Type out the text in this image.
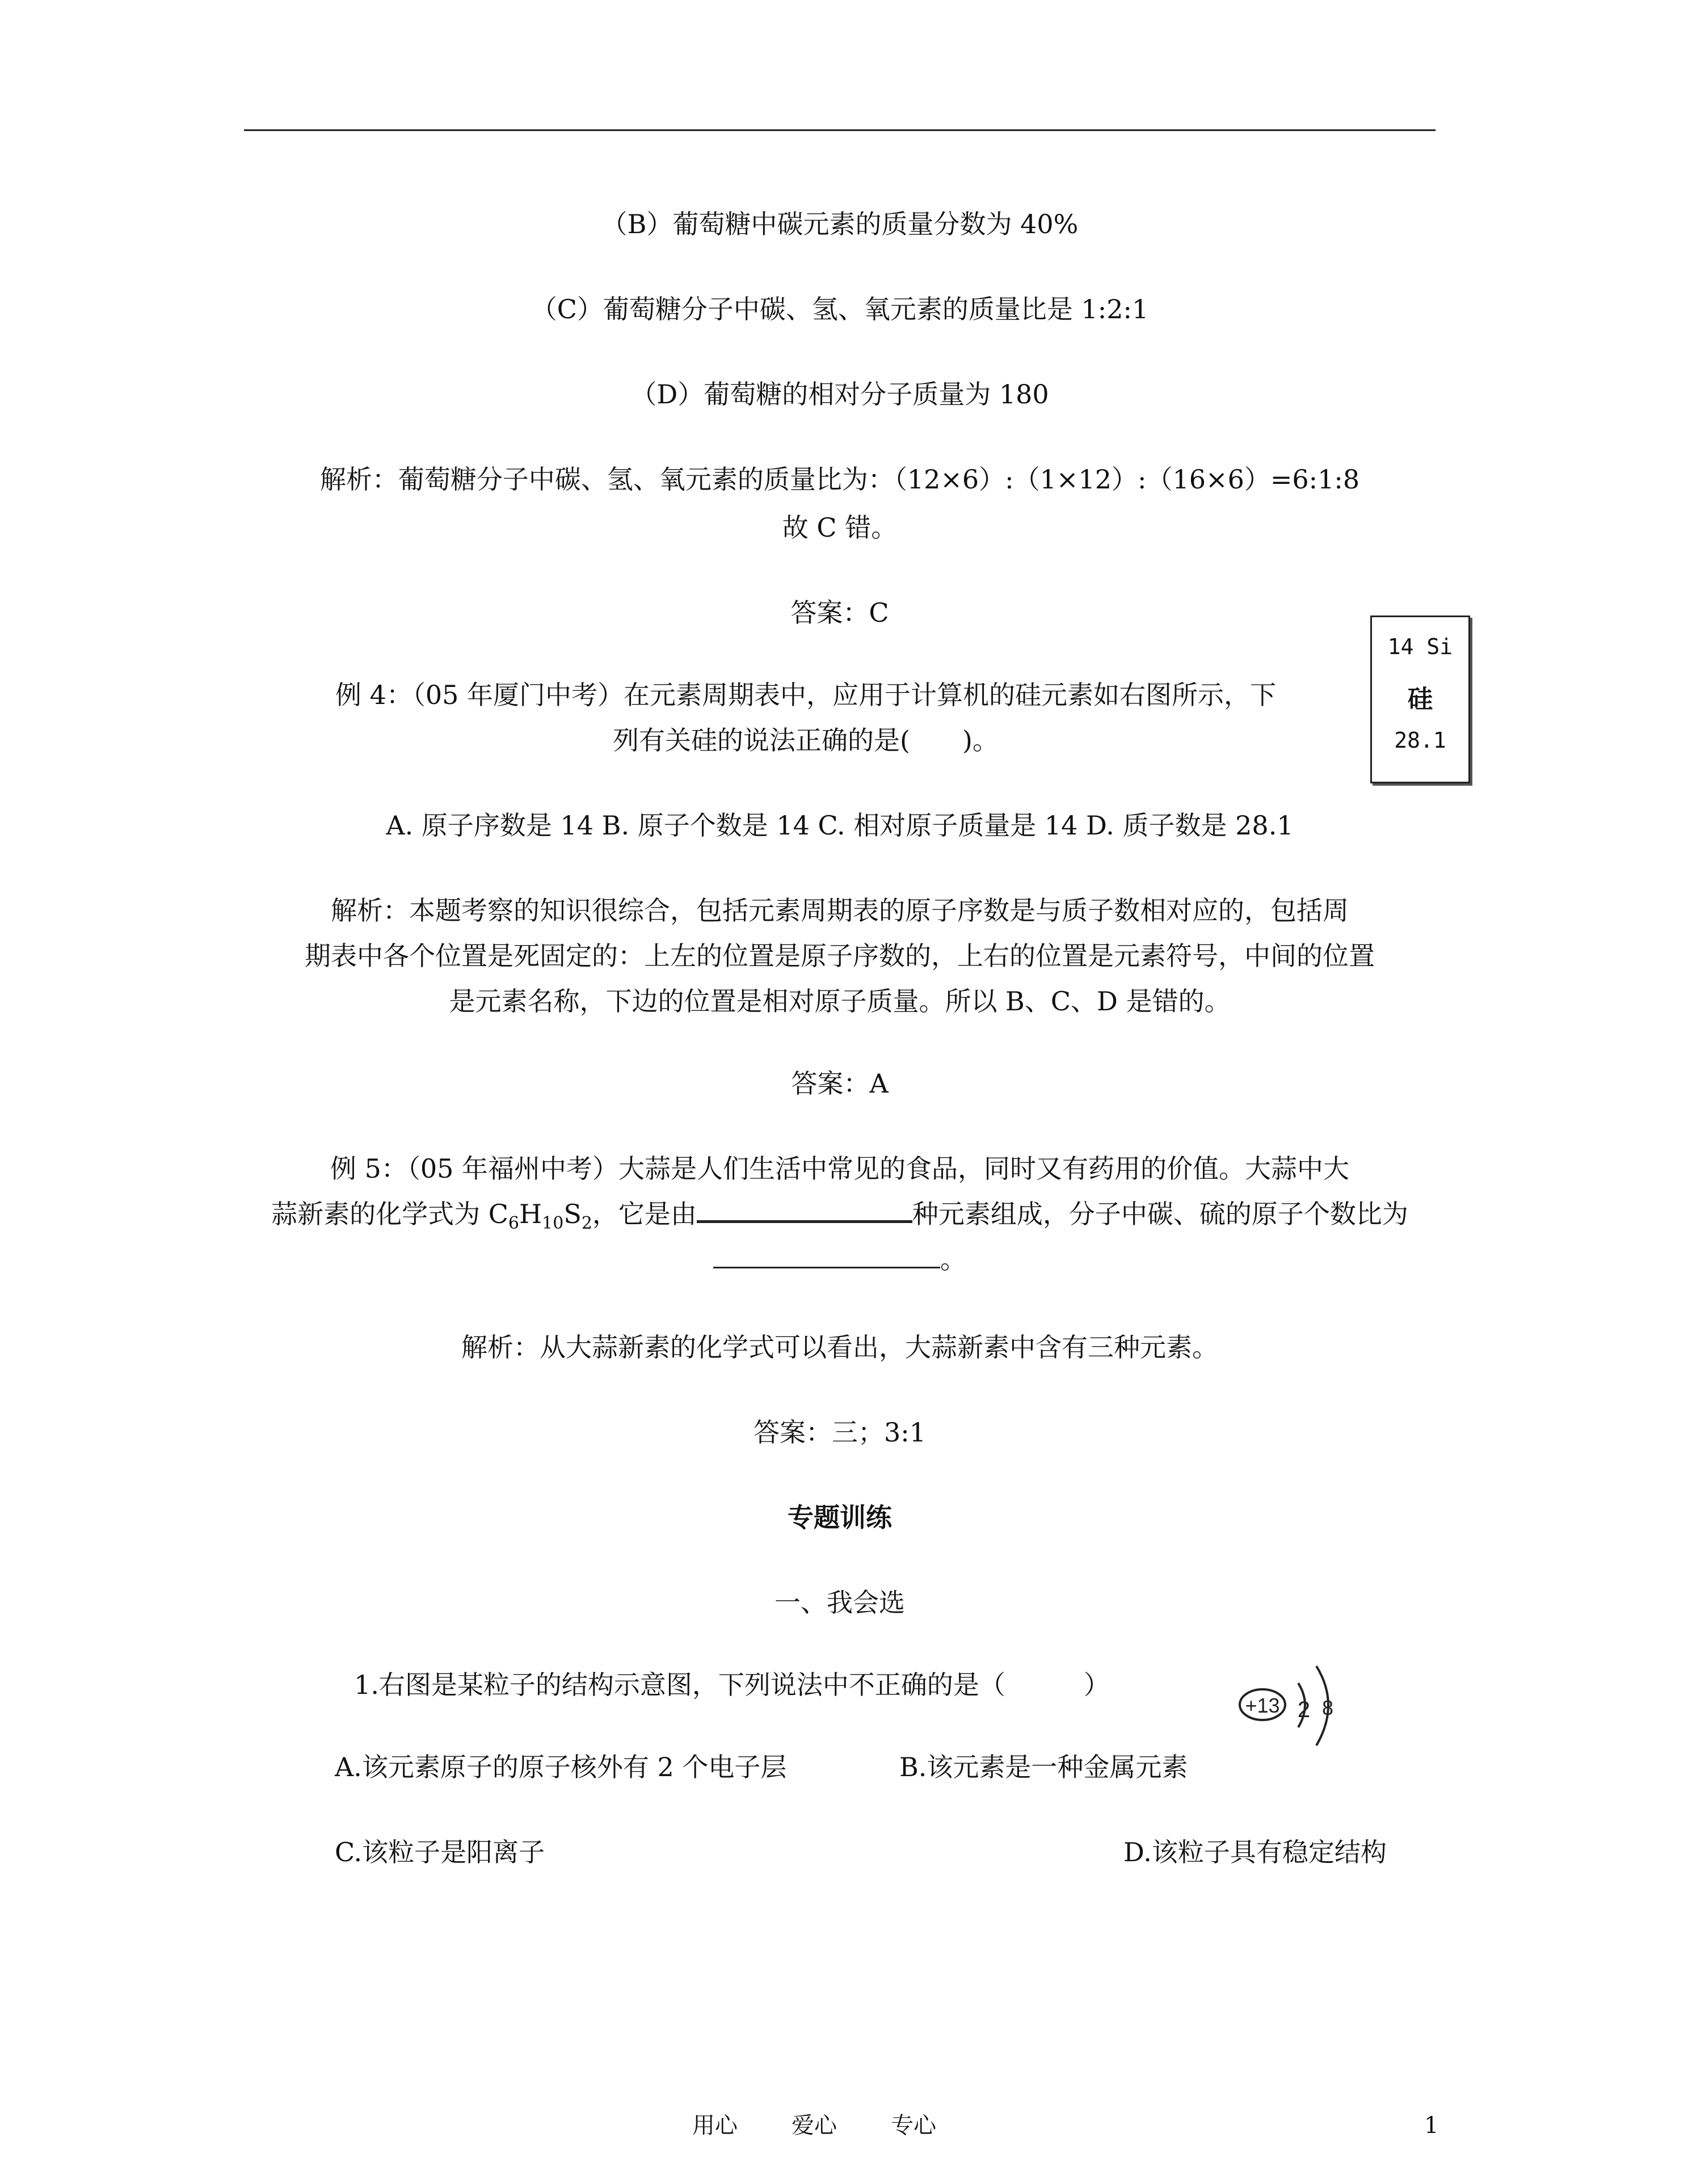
（B）葡萄糖中碳元素的质量分数为 40%
（C）葡萄糖分子中碳、氢、氧元素的质量比是 1:2:1
（D）葡萄糖的相对分子质量为 180
解析：葡萄糖分子中碳、氢、氧元素的质量比为：（12×6）:（1×12）:（16×6）=6:1:8
故 C 错。
答案：C
例 4：（05 年厦门中考）在元素周期表中，应用于计算机的硅元素如右图所示，下
列有关硅的说法正确的是(　　)。
14 Si
硅
28.1
A. 原子序数是 14 B. 原子个数是 14 C. 相对原子质量是 14 D. 质子数是 28.1
解析：本题考察的知识很综合，包括元素周期表的原子序数是与质子数相对应的，包括周
期表中各个位置是死固定的：上左的位置是原子序数的，上右的位置是元素符号，中间的位置
是元素名称，下边的位置是相对原子质量。所以 B、C、D 是错的。
答案：A
例 5：（05 年福州中考）大蒜是人们生活中常见的食品，同时又有药用的价值。大蒜中大
蒜新素的化学式为 $C_6H_{10}S_2$，它是由	种元素组成，分子中碳、硫的原子个数比为
。
解析：从大蒜新素的化学式可以看出，大蒜新素中含有三种元素。
答案：三；3:1
专题训练
一、我会选
1.右图是某粒子的结构示意图，下列说法中不正确的是（　　　）
+13 2 8
A.该元素原子的原子核外有 2 个电子层	B.该元素是一种金属元素
C.该粒子是阳离子	D.该粒子具有稳定结构
用心 爱心 专心	1
